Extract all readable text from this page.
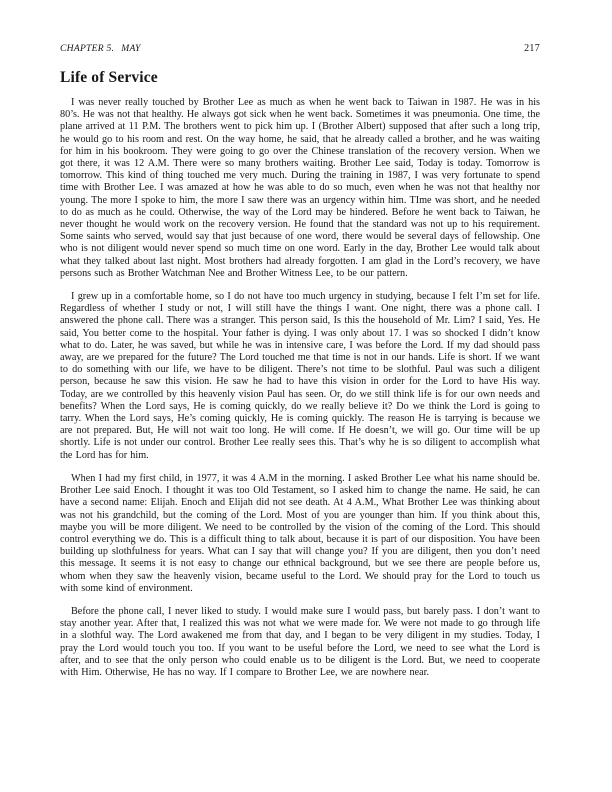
CHAPTER 5. MAY	217
Life of Service

I was never really touched by Brother Lee as much as when he went back to Taiwan in 1987. He was in his 80’s. He was not that healthy. He always got sick when he went back. Sometimes it was pneumonia. One time, the plane arrived at 11 P.M. The brothers went to pick him up. I (Brother Albert) supposed that after such a long trip, he would go to his room and rest. On the way home, he said, that he already called a brother, and he was waiting for him in his bookroom. They were going to go over the Chinese translation of the recovery version. When we got there, it was 12 A.M. There were so many brothers waiting. Brother Lee said, Today is today. Tomorrow is tomorrow. This kind of thing touched me very much. During the training in 1987, I was very fortunate to spend time with Brother Lee. I was amazed at how he was able to do so much, even when he was not that healthy nor young. The more I spoke to him, the more I saw there was an urgency within him. TIme was short, and he needed to do as much as he could. Otherwise, the way of the Lord may be hindered. Before he went back to Taiwan, he never thought he would work on the recovery version. He found that the standard was not up to his requirement. Some saints who served, would say that just because of one word, there would be several days of fellowship. One who is not diligent would never spend so much time on one word. Early in the day, Brother Lee would talk about what they talked about last night. Most brothers had already forgotten. I am glad in the Lord’s recovery, we have persons such as Brother Watchman Nee and Brother Witness Lee, to be our pattern.

I grew up in a comfortable home, so I do not have too much urgency in studying, because I felt I’m set for life. Regardless of whether I study or not, I will still have the things I want. One night, there was a phone call. I answered the phone call. There was a stranger. This person said, Is this the household of Mr. Lim? I said, Yes. He said, You better come to the hospital. Your father is dying. I was only about 17. I was so shocked I didn’t know what to do. Later, he was saved, but while he was in intensive care, I was before the Lord. If my dad should pass away, are we prepared for the future? The Lord touched me that time is not in our hands. Life is short. If we want to do something with our life, we have to be diligent. There’s not time to be slothful. Paul was such a diligent person, because he saw this vision. He saw he had to have this vision in order for the Lord to have His way. Today, are we controlled by this heavenly vision Paul has seen. Or, do we still think life is for our own needs and benefits? When the Lord says, He is coming quickly, do we really believe it? Do we think the Lord is going to tarry. When the Lord says, He’s coming quickly, He is coming quickly. The reason He is tarrying is because we are not prepared. But, He will not wait too long. He will come. If He doesn’t, we will go. Our time will be up shortly. Life is not under our control. Brother Lee really sees this. That’s why he is so diligent to accomplish what the Lord has for him.

When I had my first child, in 1977, it was 4 A.M in the morning. I asked Brother Lee what his name should be. Brother Lee said Enoch. I thought it was too Old Testament, so I asked him to change the name. He said, he can have a second name: Elijah. Enoch and Elijah did not see death. At 4 A.M., What Brother Lee was thinking about was not his grandchild, but the coming of the Lord. Most of you are younger than him. If you think about this, maybe you will be more diligent. We need to be controlled by the vision of the coming of the Lord. This should control everything we do. This is a difficult thing to talk about, because it is part of our disposition. You have been building up slothfulness for years. What can I say that will change you? If you are diligent, then you don’t need this message. It seems it is not easy to change our ethnical background, but we see there are people before us, whom when they saw the heavenly vision, became useful to the Lord. We should pray for the Lord to touch us with some kind of environment.

Before the phone call, I never liked to study. I would make sure I would pass, but barely pass. I don’t want to stay another year. After that, I realized this was not what we were made for. We were not made to go through life in a slothful way. The Lord awakened me from that day, and I began to be very diligent in my studies. Today, I pray the Lord would touch you too. If you want to be useful before the Lord, we need to see what the Lord is after, and to see that the only person who could enable us to be diligent is the Lord. But, we need to cooperate with Him. Otherwise, He has no way. If I compare to Brother Lee, we are nowhere near.
